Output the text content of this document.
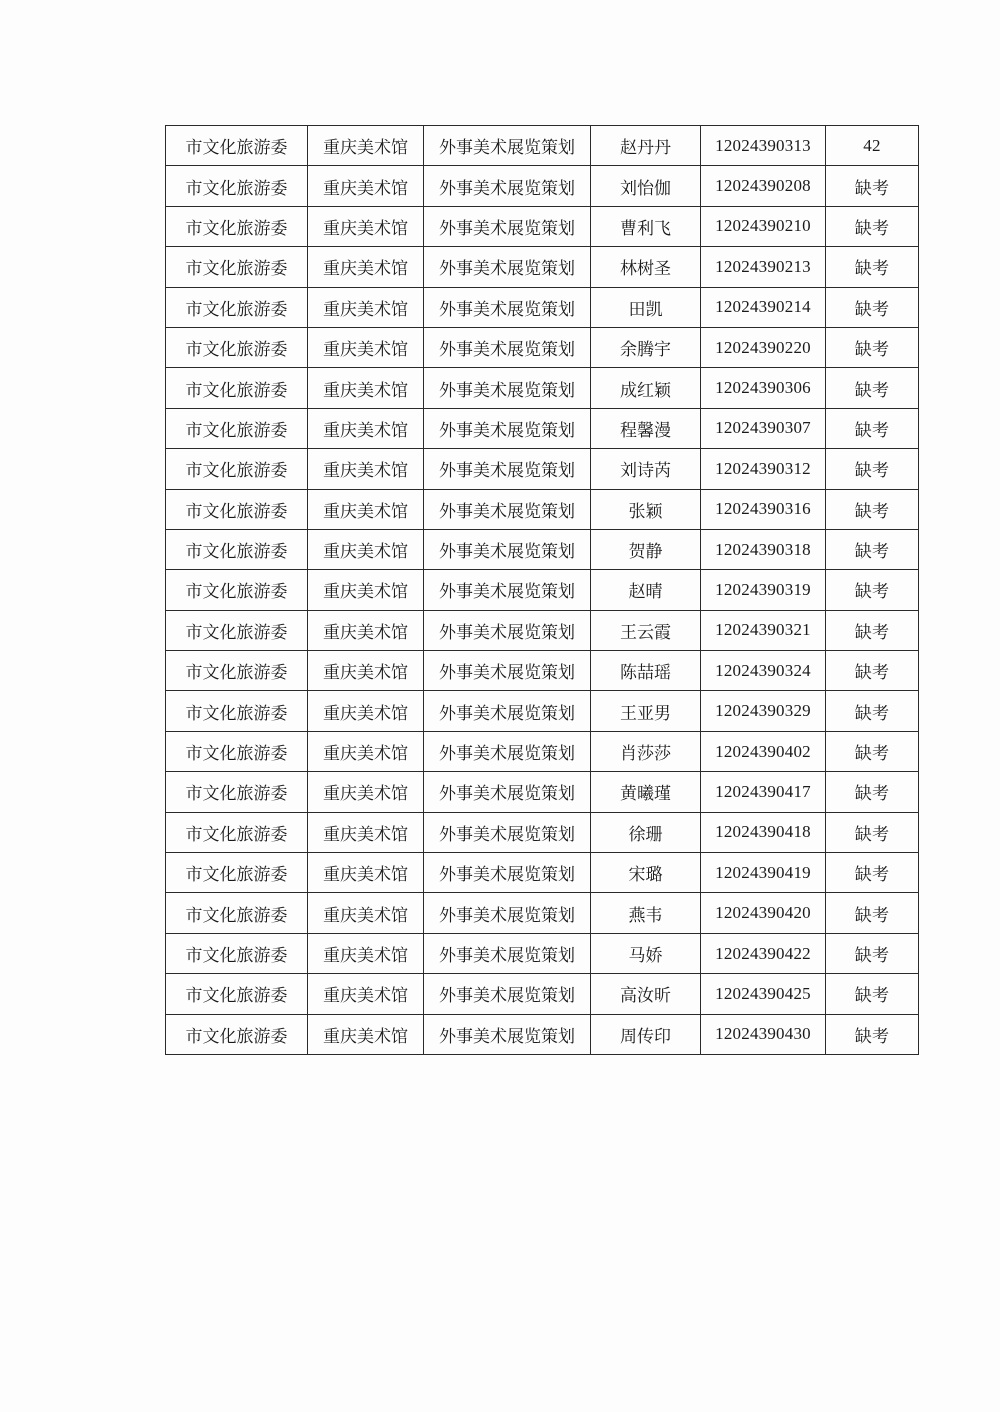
市文化旅游委	重庆美术馆	外事美术展览策划	赵丹丹	12024390313	42
市文化旅游委	重庆美术馆	外事美术展览策划	刘怡伽	12024390208	缺考
市文化旅游委	重庆美术馆	外事美术展览策划	曹利飞	12024390210	缺考
市文化旅游委	重庆美术馆	外事美术展览策划	林树圣	12024390213	缺考
市文化旅游委	重庆美术馆	外事美术展览策划	田凯	12024390214	缺考
市文化旅游委	重庆美术馆	外事美术展览策划	余腾宇	12024390220	缺考
市文化旅游委	重庆美术馆	外事美术展览策划	成红颖	12024390306	缺考
市文化旅游委	重庆美术馆	外事美术展览策划	程馨漫	12024390307	缺考
市文化旅游委	重庆美术馆	外事美术展览策划	刘诗芮	12024390312	缺考
市文化旅游委	重庆美术馆	外事美术展览策划	张颖	12024390316	缺考
市文化旅游委	重庆美术馆	外事美术展览策划	贺静	12024390318	缺考
市文化旅游委	重庆美术馆	外事美术展览策划	赵晴	12024390319	缺考
市文化旅游委	重庆美术馆	外事美术展览策划	王云霞	12024390321	缺考
市文化旅游委	重庆美术馆	外事美术展览策划	陈喆瑶	12024390324	缺考
市文化旅游委	重庆美术馆	外事美术展览策划	王亚男	12024390329	缺考
市文化旅游委	重庆美术馆	外事美术展览策划	肖莎莎	12024390402	缺考
市文化旅游委	重庆美术馆	外事美术展览策划	黄曦瑾	12024390417	缺考
市文化旅游委	重庆美术馆	外事美术展览策划	徐珊	12024390418	缺考
市文化旅游委	重庆美术馆	外事美术展览策划	宋璐	12024390419	缺考
市文化旅游委	重庆美术馆	外事美术展览策划	燕韦	12024390420	缺考
市文化旅游委	重庆美术馆	外事美术展览策划	马娇	12024390422	缺考
市文化旅游委	重庆美术馆	外事美术展览策划	高汝昕	12024390425	缺考
市文化旅游委	重庆美术馆	外事美术展览策划	周传印	12024390430	缺考
